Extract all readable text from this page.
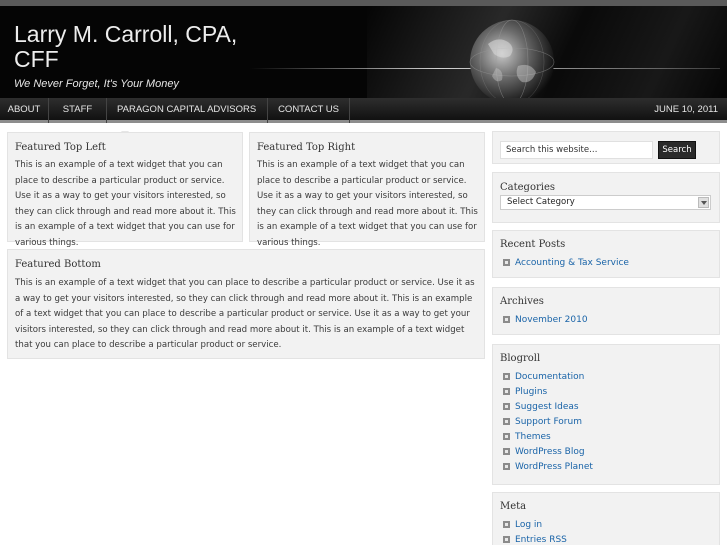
Larry M. Carroll, CPA, CFF
We Never Forget, It's Your Money
ABOUT	STAFF	PARAGON CAPITAL ADVISORS	CONTACT US	JUNE 10, 2011
Featured Top Left

This is an example of a text widget that you can place to describe a particular product or service. Use it as a way to get your visitors interested, so they can click through and read more about it. This is an example of a text widget that you can use for various things.

Featured Top Right

This is an example of a text widget that you can place to describe a particular product or service. Use it as a way to get your visitors interested, so they can click through and read more about it. This is an example of a text widget that you can use for various things.

Featured Bottom

This is an example of a text widget that you can place to describe a particular product or service. Use it as a way to get your visitors interested, so they can click through and read more about it. This is an example of a text widget that you can place to describe a particular product or service. Use it as a way to get your visitors interested, so they can click through and read more about it. This is an example of a text widget that you can place to describe a particular product or service.

Search this website…	Search
Categories
Select Category
Recent Posts
Accounting & Tax Service
Archives
November 2010
Blogroll
Documentation
Plugins
Suggest Ideas
Support Forum
Themes
WordPress Blog
WordPress Planet
Meta
Log in
Entries RSS
